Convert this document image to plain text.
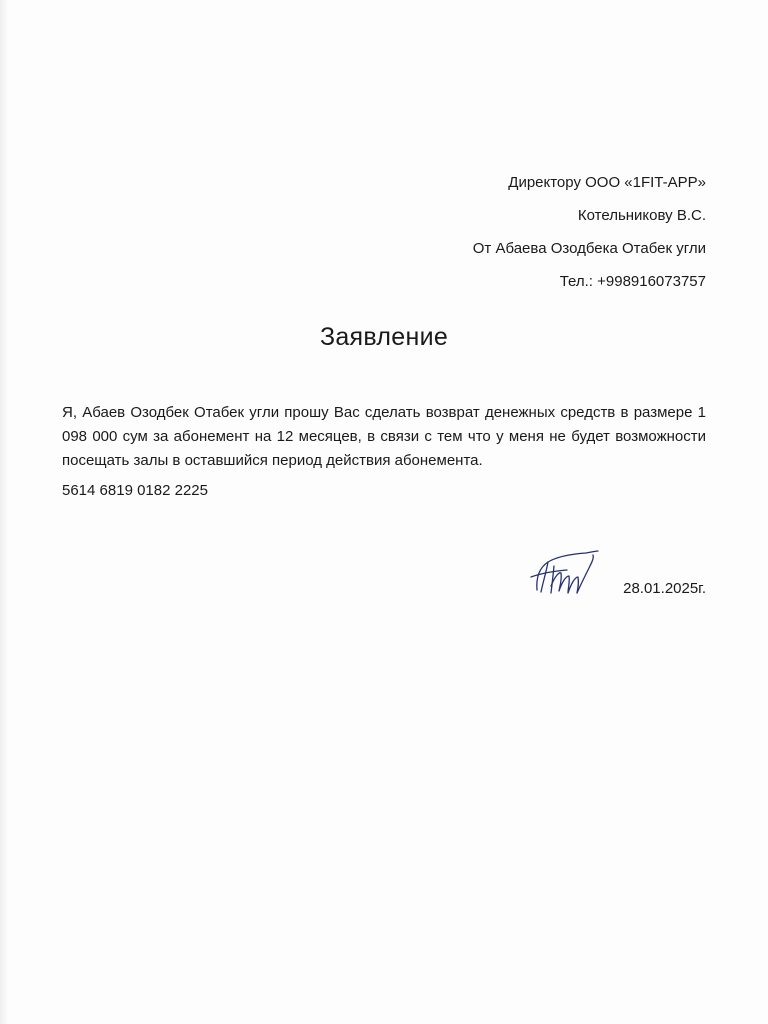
Директору ООО «1FIT-APP»
Котельникову В.С.
От Абаева Озодбека Отабек угли
Тел.: +998916073757
Заявление
Я, Абаев Озодбек Отабек угли прошу Вас сделать возврат денежных средств в размере 1 098 000 сум за абонемент на 12 месяцев, в связи с тем что у меня не будет возможности посещать залы в оставшийся период действия абонемента.
5614 6819 0182 2225
28.01.2025г.
